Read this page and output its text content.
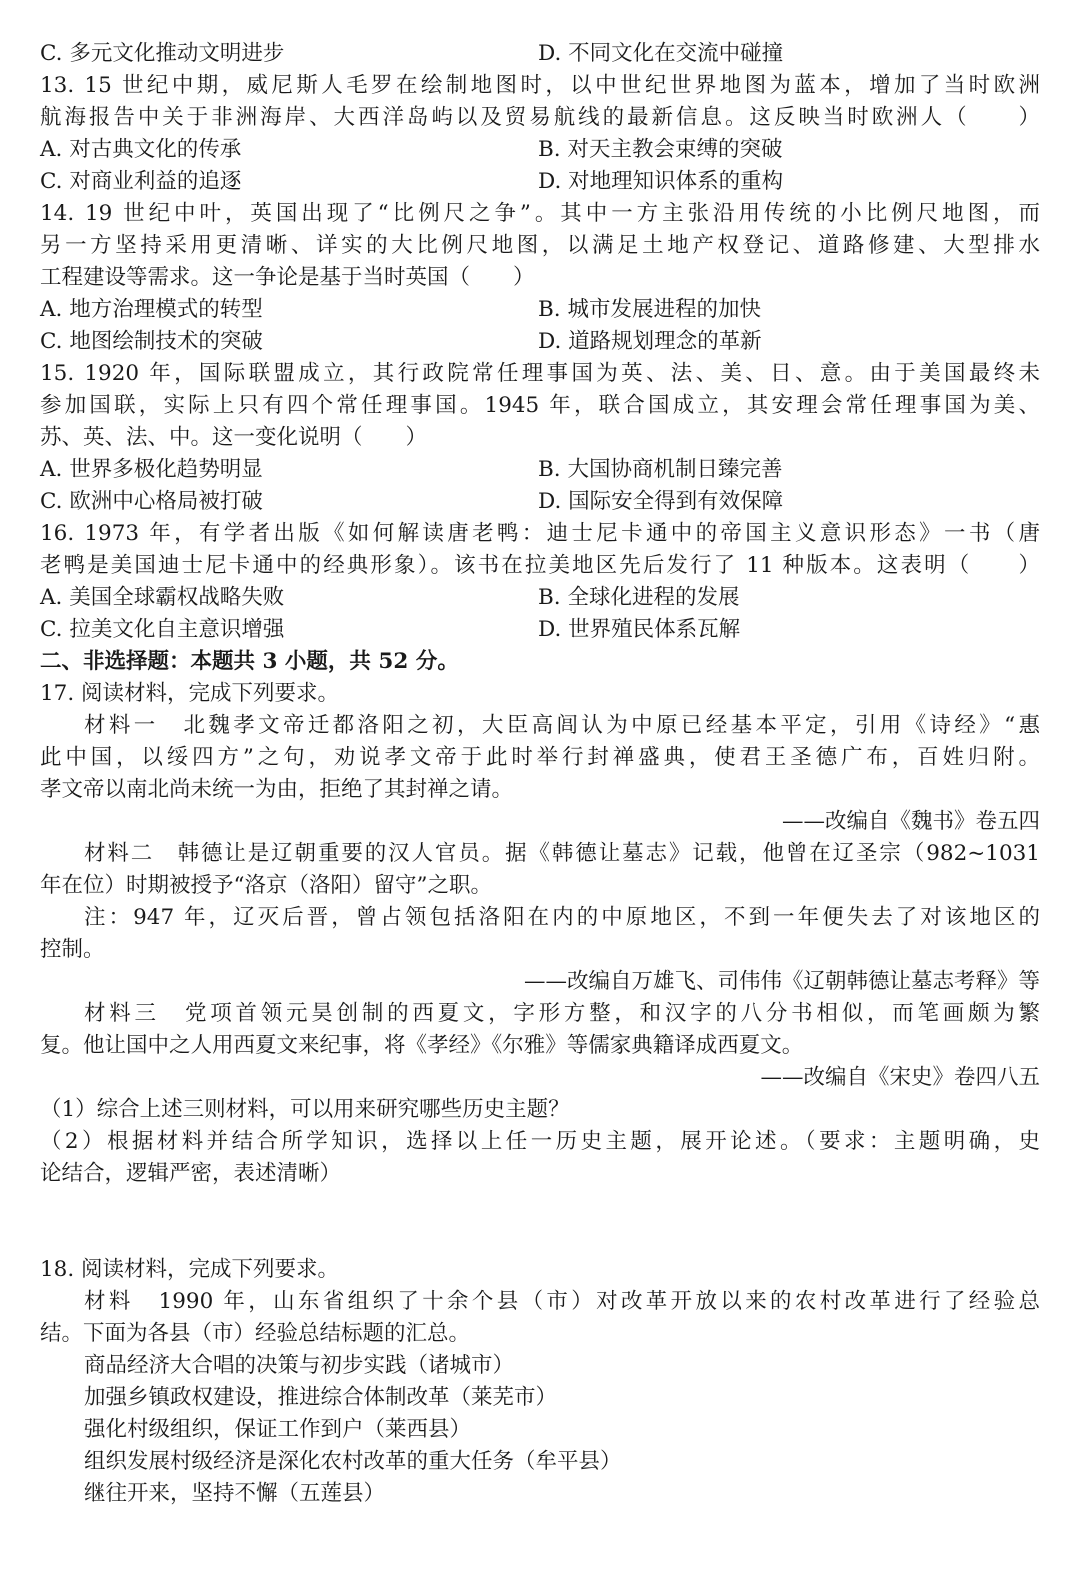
C. 多元文化推动文明进步	D. 不同文化在交流中碰撞
13. 15 世纪中期，威尼斯人毛罗在绘制地图时，以中世纪世界地图为蓝本，增加了当时欧洲
航海报告中关于非洲海岸、大西洋岛屿以及贸易航线的最新信息。这反映当时欧洲人（　　）
A. 对古典文化的传承	B. 对天主教会束缚的突破
C. 对商业利益的追逐	D. 对地理知识体系的重构
14. 19 世纪中叶，英国出现了“比例尺之争”。其中一方主张沿用传统的小比例尺地图，而
另一方坚持采用更清晰、详实的大比例尺地图，以满足土地产权登记、道路修建、大型排水
工程建设等需求。这一争论是基于当时英国（　　）
A. 地方治理模式的转型	B. 城市发展进程的加快
C. 地图绘制技术的突破	D. 道路规划理念的革新
15. 1920 年，国际联盟成立，其行政院常任理事国为英、法、美、日、意。由于美国最终未
参加国联，实际上只有四个常任理事国。1945 年，联合国成立，其安理会常任理事国为美、
苏、英、法、中。这一变化说明（　　）
A. 世界多极化趋势明显	B. 大国协商机制日臻完善
C. 欧洲中心格局被打破	D. 国际安全得到有效保障
16. 1973 年，有学者出版《如何解读唐老鸭：迪士尼卡通中的帝国主义意识形态》一书（唐
老鸭是美国迪士尼卡通中的经典形象）。该书在拉美地区先后发行了 11 种版本。这表明（　　）
A. 美国全球霸权战略失败	B. 全球化进程的发展
C. 拉美文化自主意识增强	D. 世界殖民体系瓦解
二、非选择题：本题共 3 小题，共 52 分。
17. 阅读材料，完成下列要求。
材料一　北魏孝文帝迁都洛阳之初，大臣高闾认为中原已经基本平定，引用《诗经》“惠
此中国，以绥四方”之句，劝说孝文帝于此时举行封禅盛典，使君王圣德广布，百姓归附。
孝文帝以南北尚未统一为由，拒绝了其封禅之请。
——改编自《魏书》卷五四
材料二　韩德让是辽朝重要的汉人官员。据《韩德让墓志》记载，他曾在辽圣宗（982~1031
年在位）时期被授予“洛京（洛阳）留守”之职。
注：947 年，辽灭后晋，曾占领包括洛阳在内的中原地区，不到一年便失去了对该地区的
控制。
——改编自万雄飞、司伟伟《辽朝韩德让墓志考释》等
材料三　党项首领元昊创制的西夏文，字形方整，和汉字的八分书相似，而笔画颇为繁
复。他让国中之人用西夏文来纪事，将《孝经》《尔雅》等儒家典籍译成西夏文。
——改编自《宋史》卷四八五
（1）综合上述三则材料，可以用来研究哪些历史主题？
（2）根据材料并结合所学知识，选择以上任一历史主题，展开论述。（要求：主题明确，史
论结合，逻辑严密，表述清晰）
18. 阅读材料，完成下列要求。
材料　1990 年，山东省组织了十余个县（市）对改革开放以来的农村改革进行了经验总
结。下面为各县（市）经验总结标题的汇总。
商品经济大合唱的决策与初步实践（诸城市）
加强乡镇政权建设，推进综合体制改革（莱芜市）
强化村级组织，保证工作到户（莱西县）
组织发展村级经济是深化农村改革的重大任务（牟平县）
继往开来，坚持不懈（五莲县）
